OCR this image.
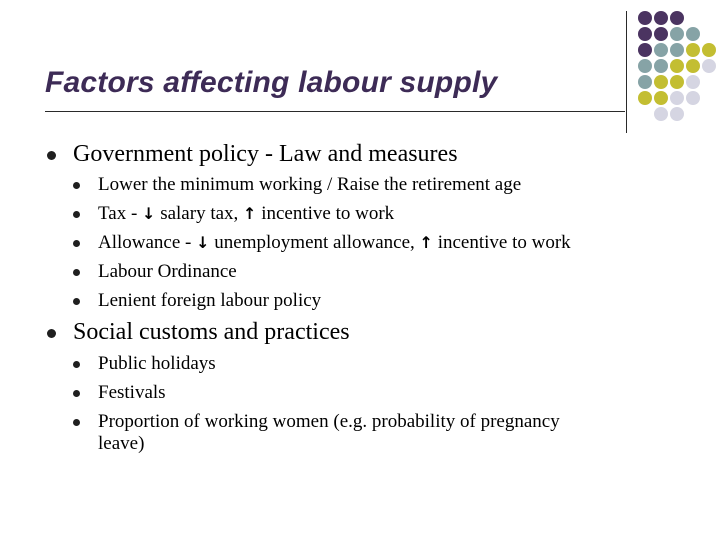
Factors affecting labour supply
Government policy - Law and measures
Lower the minimum working / Raise the retirement age
Tax - ↓ salary tax, ↑ incentive to work
Allowance - ↓ unemployment allowance, ↑ incentive to work
Labour Ordinance
Lenient foreign labour policy
Social customs and practices
Public holidays
Festivals
Proportion of working women (e.g. probability of pregnancy
leave)
